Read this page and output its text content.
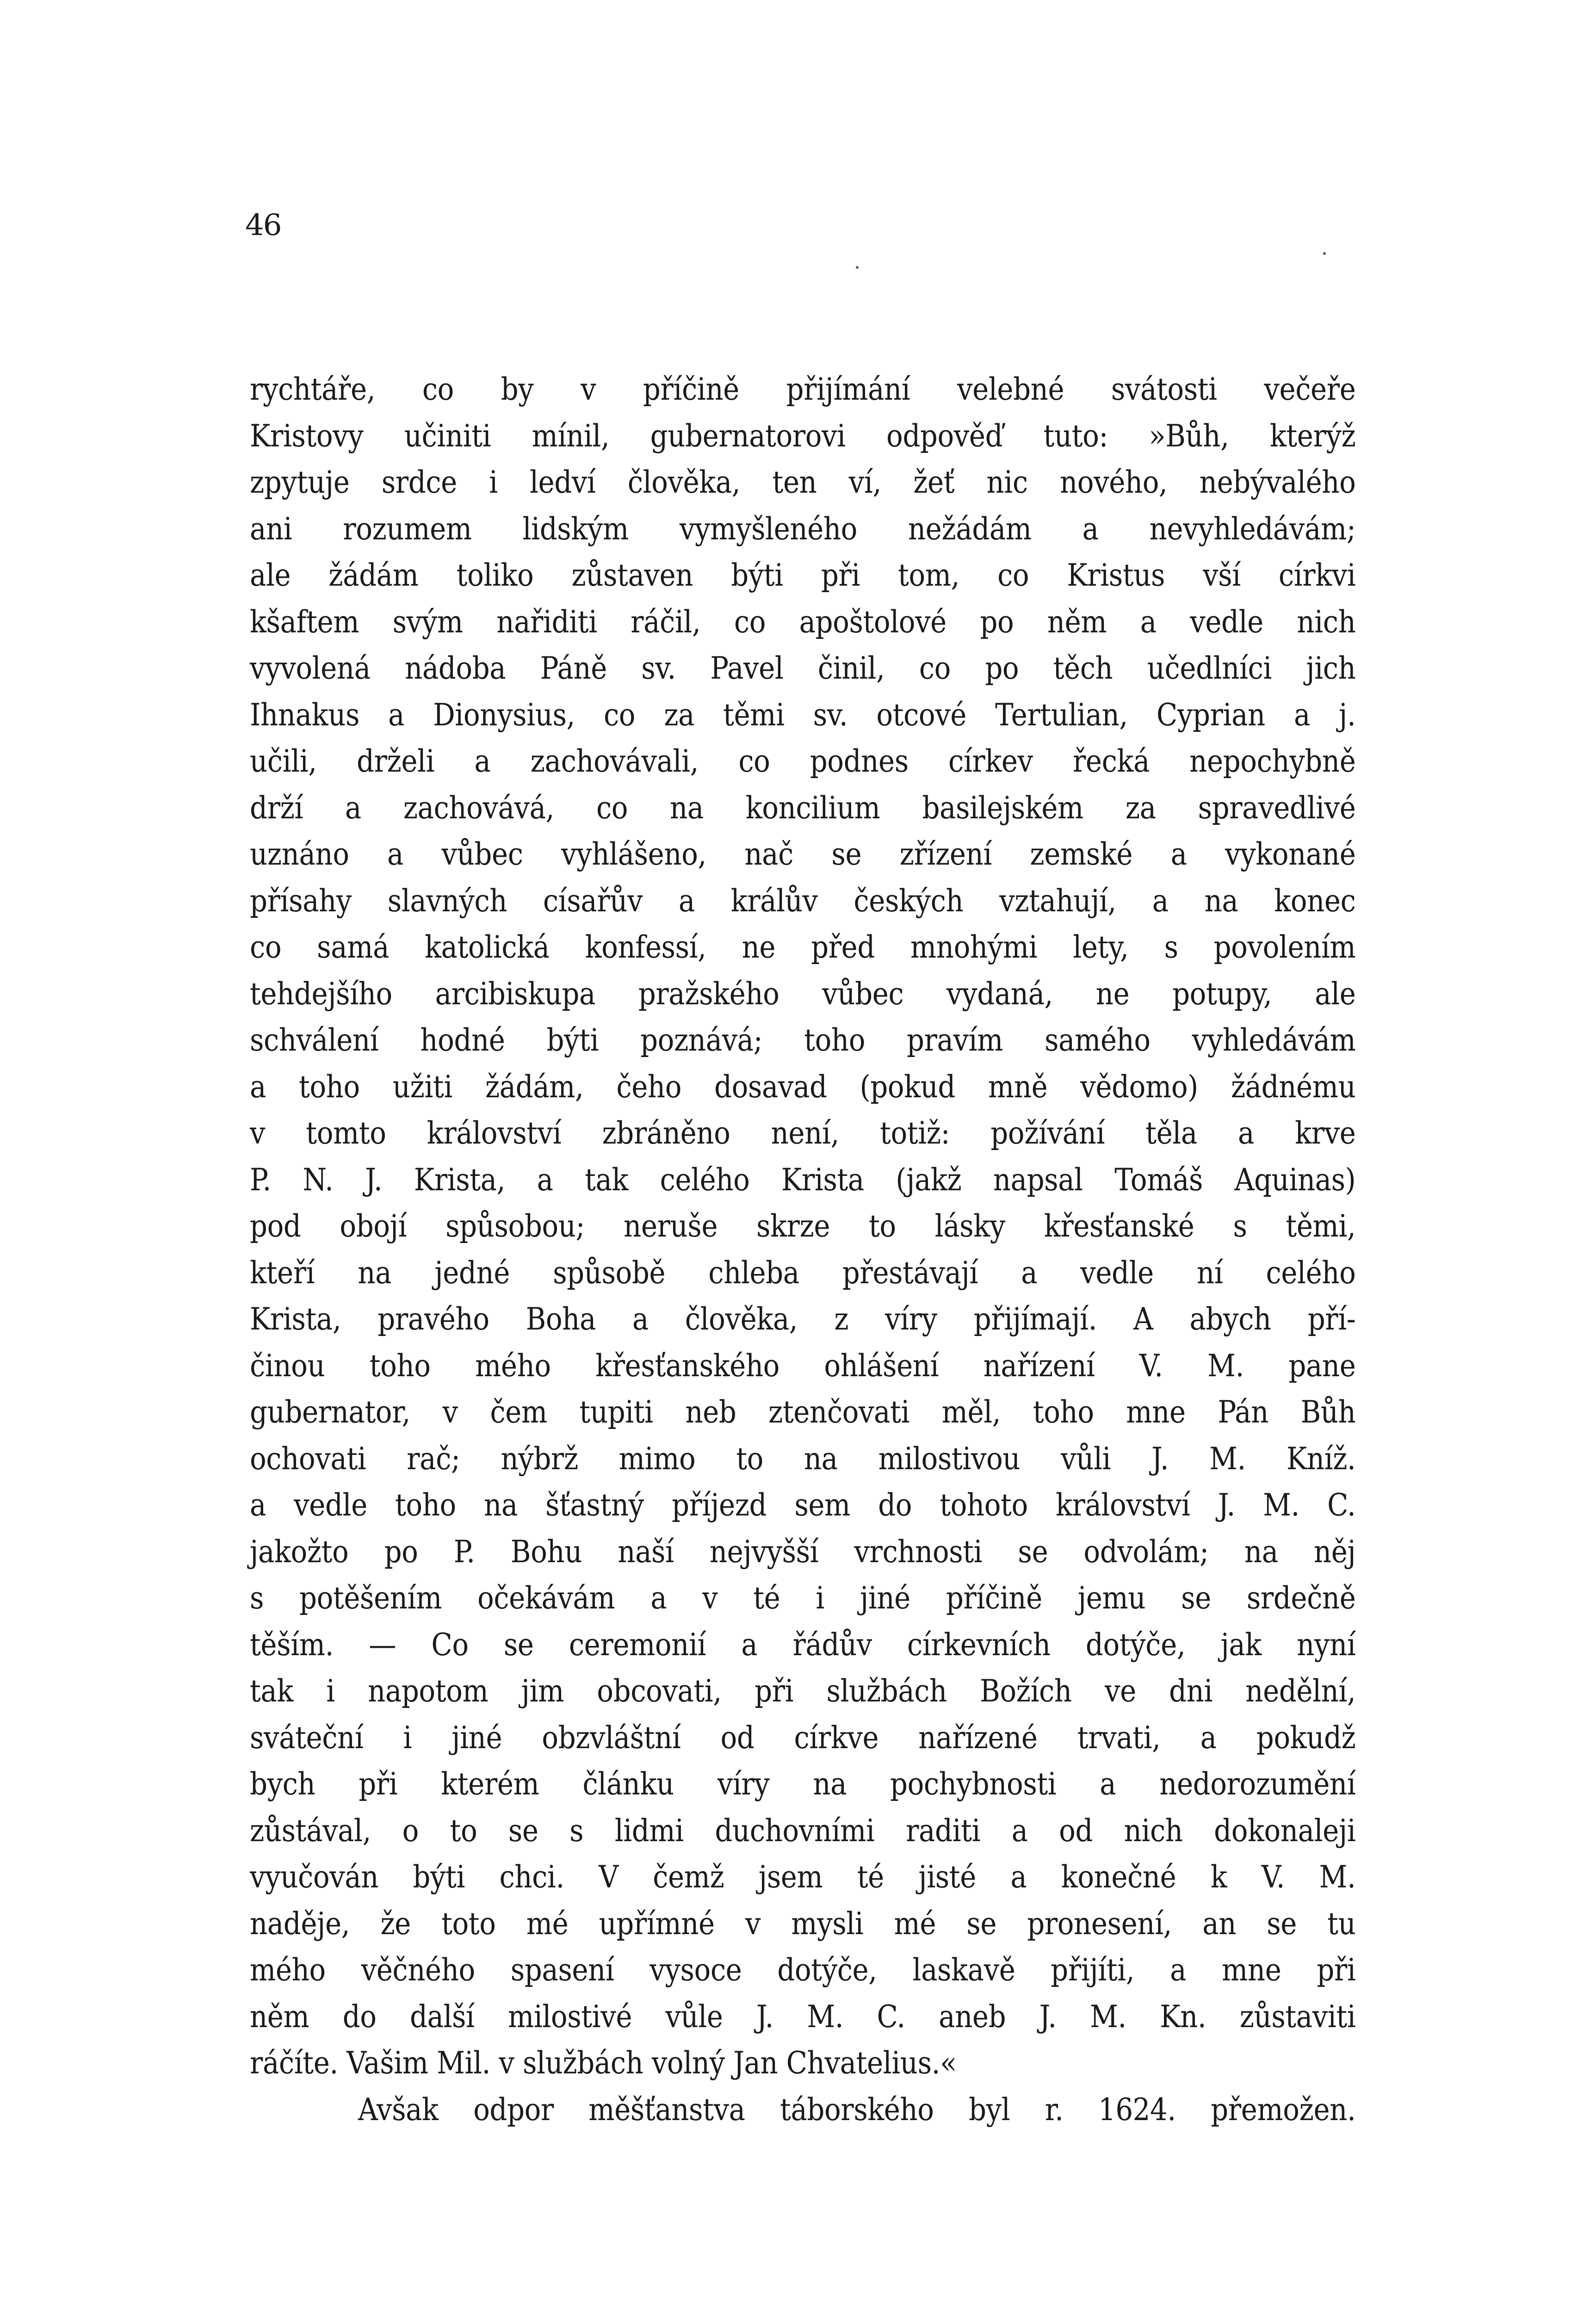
46
rychtáře, co by v příčině přijímání velebné svátosti večeře
Kristovy učiniti mínil, gubernatorovi odpověď tuto: »Bůh, kterýž
zpytuje srdce i ledví člověka, ten ví, žeť nic nového, nebývalého
ani rozumem lidským vymyšleného nežádám a nevyhledávám;
ale žádám toliko zůstaven býti při tom, co Kristus vší církvi
kšaftem svým nařiditi ráčil, co apoštolové po něm a vedle nich
vyvolená nádoba Páně sv. Pavel činil, co po těch učedlníci jich
Ihnakus a Dionysius, co za těmi sv. otcové Tertulian, Cyprian a j.
učili, drželi a zachovávali, co podnes církev řecká nepochybně
drží a zachovává, co na koncilium basilejském za spravedlivé
uznáno a vůbec vyhlášeno, nač se zřízení zemské a vykonané
přísahy slavných císařův a králův českých vztahují, a na konec
co samá katolická konfessí, ne před mnohými lety, s povolením
tehdejšího arcibiskupa pražského vůbec vydaná, ne potupy, ale
schválení hodné býti poznává; toho pravím samého vyhledávám
a toho užiti žádám, čeho dosavad (pokud mně vědomo) žádnému
v tomto království zbráněno není, totiž: požívání těla a krve
P. N. J. Krista, a tak celého Krista (jakž napsal Tomáš Aquinas)
pod obojí spůsobou; neruše skrze to lásky křesťanské s těmi,
kteří na jedné spůsobě chleba přestávají a vedle ní celého
Krista, pravého Boha a člověka, z víry přijímají. A abych pří-
činou toho mého křesťanského ohlášení nařízení V. M. pane
gubernator, v čem tupiti neb ztenčovati měl, toho mne Pán Bůh
ochovati rač; nýbrž mimo to na milostivou vůli J. M. Kníž.
a vedle toho na šťastný příjezd sem do tohoto království J. M. C.
jakožto po P. Bohu naší nejvyšší vrchnosti se odvolám; na něj
s potěšením očekávám a v té i jiné příčině jemu se srdečně
těším. — Co se ceremonií a řádův církevních dotýče, jak nyní
tak i napotom jim obcovati, při službách Božích ve dni nedělní,
sváteční i jiné obzvláštní od církve nařízené trvati, a pokudž
bych při kterém článku víry na pochybnosti a nedorozumění
zůstával, o to se s lidmi duchovními raditi a od nich dokonaleji
vyučován býti chci. V čemž jsem té jisté a konečné k V. M.
naděje, že toto mé upřímné v mysli mé se pronesení, an se tu
mého věčného spasení vysoce dotýče, laskavě přijíti, a mne při
něm do další milostivé vůle J. M. C. aneb J. M. Kn. zůstaviti
ráčíte. Vašim Mil. v službách volný Jan Chvatelius.«
Avšak odpor měšťanstva táborského byl r. 1624. přemožen.
